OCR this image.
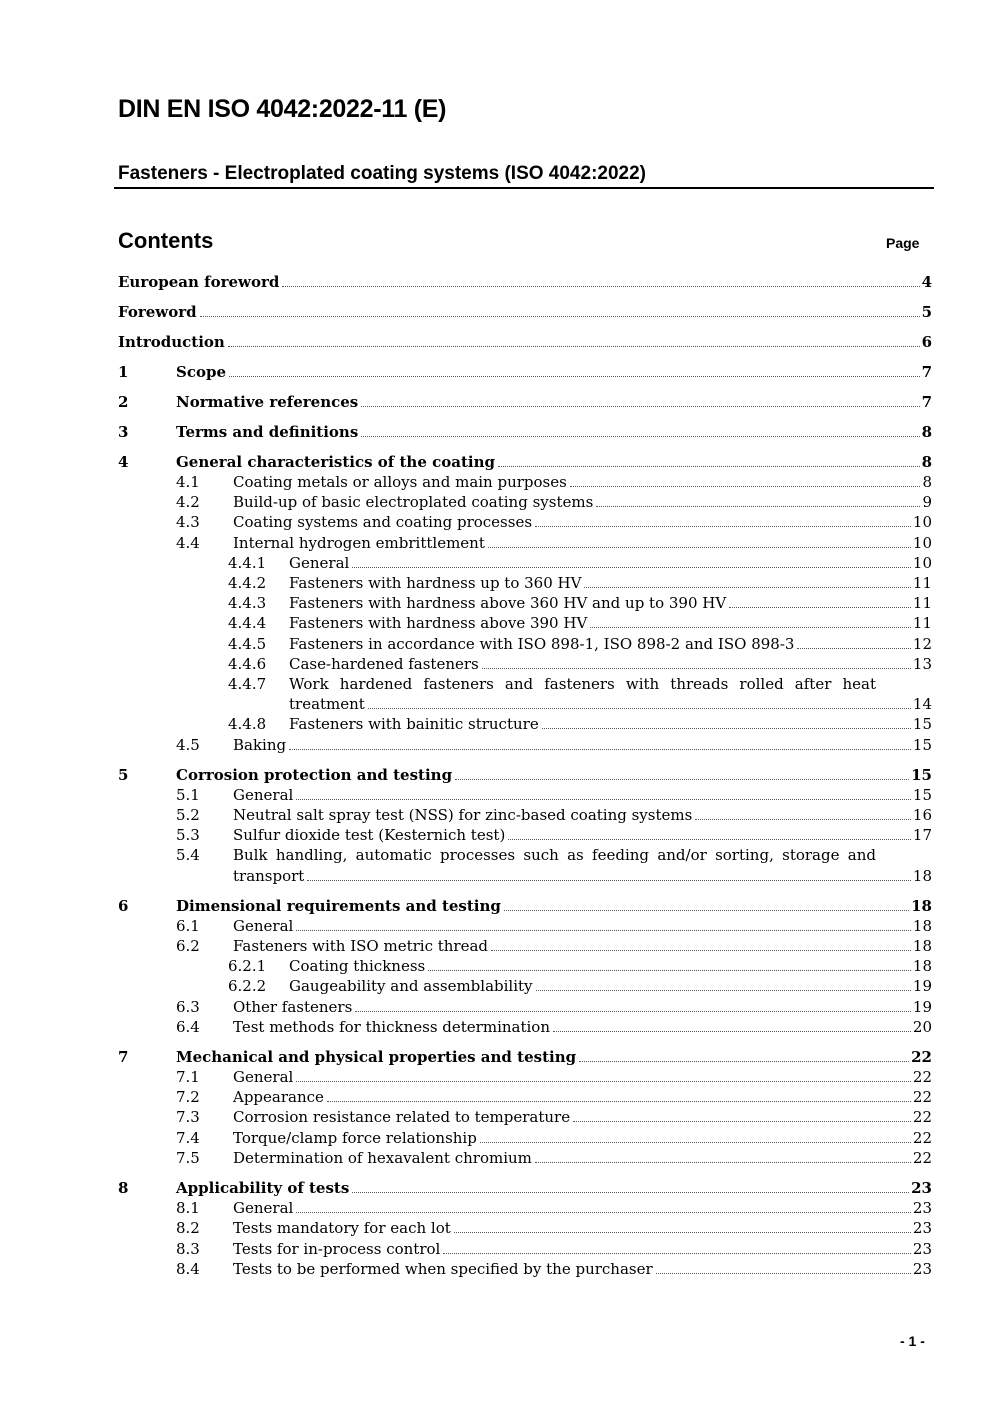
DIN EN ISO 4042:2022-11 (E)
Fasteners - Electroplated coating systems (ISO 4042:2022)
Contents	Page
European foreword	4
Foreword	5
Introduction	6
1	Scope	7
2	Normative references	7
3	Terms and definitions	8
4	General characteristics of the coating	8
4.1 Coating metals or alloys and main purposes	8
4.2 Build-up of basic electroplated coating systems	9
4.3 Coating systems and coating processes	10
4.4 Internal hydrogen embrittlement	10
4.4.1 General	10
4.4.2 Fasteners with hardness up to 360 HV	11
4.4.3 Fasteners with hardness above 360 HV and up to 390 HV	11
4.4.4 Fasteners with hardness above 390 HV	11
4.4.5 Fasteners in accordance with ISO 898-1, ISO 898-2 and ISO 898-3	12
4.4.6 Case-hardened fasteners	13
4.4.7 Work hardened fasteners and fasteners with threads rolled after heat
treatment	14
4.4.8 Fasteners with bainitic structure	15
4.5 Baking	15
5	Corrosion protection and testing	15
5.1 General	15
5.2 Neutral salt spray test (NSS) for zinc-based coating systems	16
5.3 Sulfur dioxide test (Kesternich test)	17
5.4 Bulk handling, automatic processes such as feeding and/or sorting, storage and
transport	18
6	Dimensional requirements and testing	18
6.1 General	18
6.2 Fasteners with ISO metric thread	18
6.2.1 Coating thickness	18
6.2.2 Gaugeability and assemblability	19
6.3 Other fasteners	19
6.4 Test methods for thickness determination	20
7	Mechanical and physical properties and testing	22
7.1 General	22
7.2 Appearance	22
7.3 Corrosion resistance related to temperature	22
7.4 Torque/clamp force relationship	22
7.5 Determination of hexavalent chromium	22
8	Applicability of tests	23
8.1 General	23
8.2 Tests mandatory for each lot	23
8.3 Tests for in-process control	23
8.4 Tests to be performed when specified by the purchaser	23
- 1 -
